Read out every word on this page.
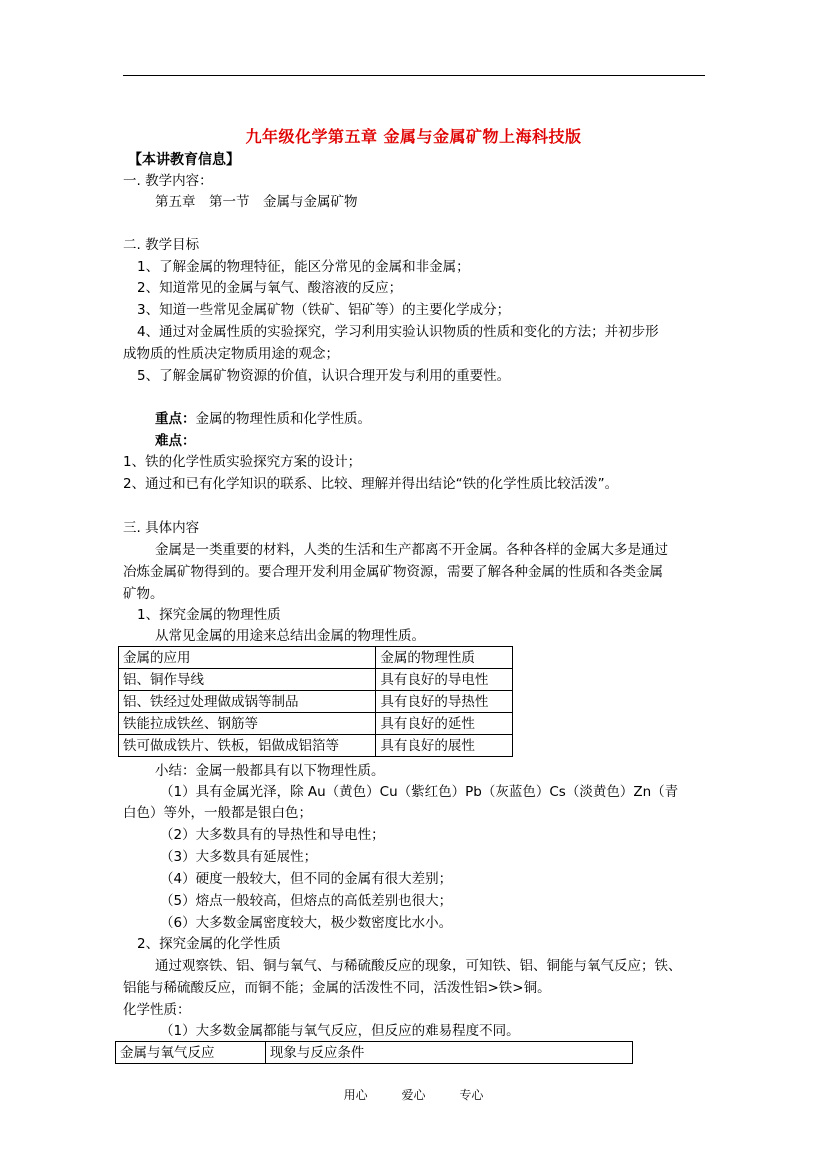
九年级化学第五章 金属与金属矿物上海科技版
【本讲教育信息】
一. 教学内容：
第五章　第一节　金属与金属矿物
二. 教学目标
1、了解金属的物理特征，能区分常见的金属和非金属；
2、知道常见的金属与氧气、酸溶液的反应；
3、知道一些常见金属矿物（铁矿、铝矿等）的主要化学成分；
4、通过对金属性质的实验探究，学习利用实验认识物质的性质和变化的方法；并初步形
成物质的性质决定物质用途的观念；
5、了解金属矿物资源的价值，认识合理开发与利用的重要性。
重点：金属的物理性质和化学性质。
难点：
1、铁的化学性质实验探究方案的设计；
2、通过和已有化学知识的联系、比较、理解并得出结论“铁的化学性质比较活泼”。
三. 具体内容
金属是一类重要的材料，人类的生活和生产都离不开金属。各种各样的金属大多是通过
冶炼金属矿物得到的。要合理开发利用金属矿物资源，需要了解各种金属的性质和各类金属
矿物。
1、探究金属的物理性质
从常见金属的用途来总结出金属的物理性质。
金属的应用	金属的物理性质
铝、铜作导线	具有良好的导电性
铝、铁经过处理做成锅等制品	具有良好的导热性
铁能拉成铁丝、钢筋等	具有良好的延性
铁可做成铁片、铁板，铝做成铝箔等	具有良好的展性
小结：金属一般都具有以下物理性质。
（1）具有金属光泽，除 Au（黄色）Cu（紫红色）Pb（灰蓝色）Cs（淡黄色）Zn（青
白色）等外，一般都是银白色；
（2）大多数具有的导热性和导电性；
（3）大多数具有延展性；
（4）硬度一般较大，但不同的金属有很大差别；
（5）熔点一般较高，但熔点的高低差别也很大；
（6）大多数金属密度较大，极少数密度比水小。
2、探究金属的化学性质
通过观察铁、铝、铜与氧气、与稀硫酸反应的现象，可知铁、铝、铜能与氧气反应；铁、
铝能与稀硫酸反应，而铜不能；金属的活泼性不同，活泼性铝>铁>铜。
化学性质：
（1）大多数金属都能与氧气反应，但反应的难易程度不同。
金属与氧气反应	现象与反应条件
用心	爱心	专心
